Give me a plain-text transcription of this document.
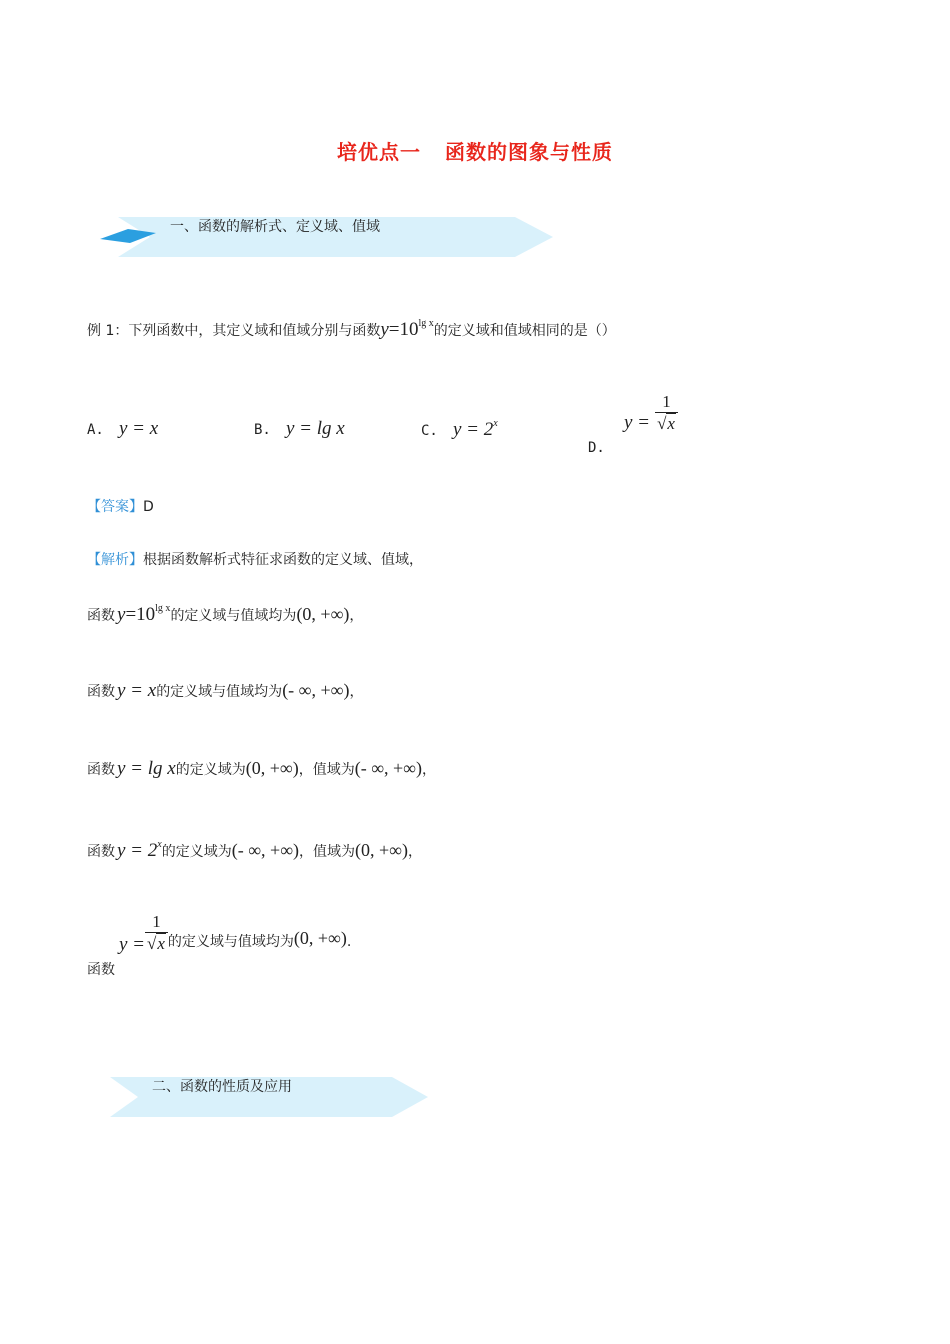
培优点一 函数的图象与性质
一、函数的解析式、定义域、值域
例 1：下列函数中，其定义域和值域分别与函数$y=10^{lg x}$的定义域和值域相同的是（）
A. y = x	B. y = lg x	C. $y = 2^x$
D. $y = \frac{1}{√x}$
【答案】D
【解析】根据函数解析式特征求函数的定义域、值域，
函数 $y=10^{lg x}$的定义域与值域均为(0, +∞)，
函数 y = x的定义域与值域均为(- ∞, +∞)，
函数 y = lg x的定义域为(0, +∞)，值域为(- ∞, +∞)，
函数 $y = 2^x$的定义域为(- ∞, +∞)，值域为(0, +∞)，
函数$y = \frac{1}{√x}$ 的定义域与值域均为(0, +∞).
二、函数的性质及应用
